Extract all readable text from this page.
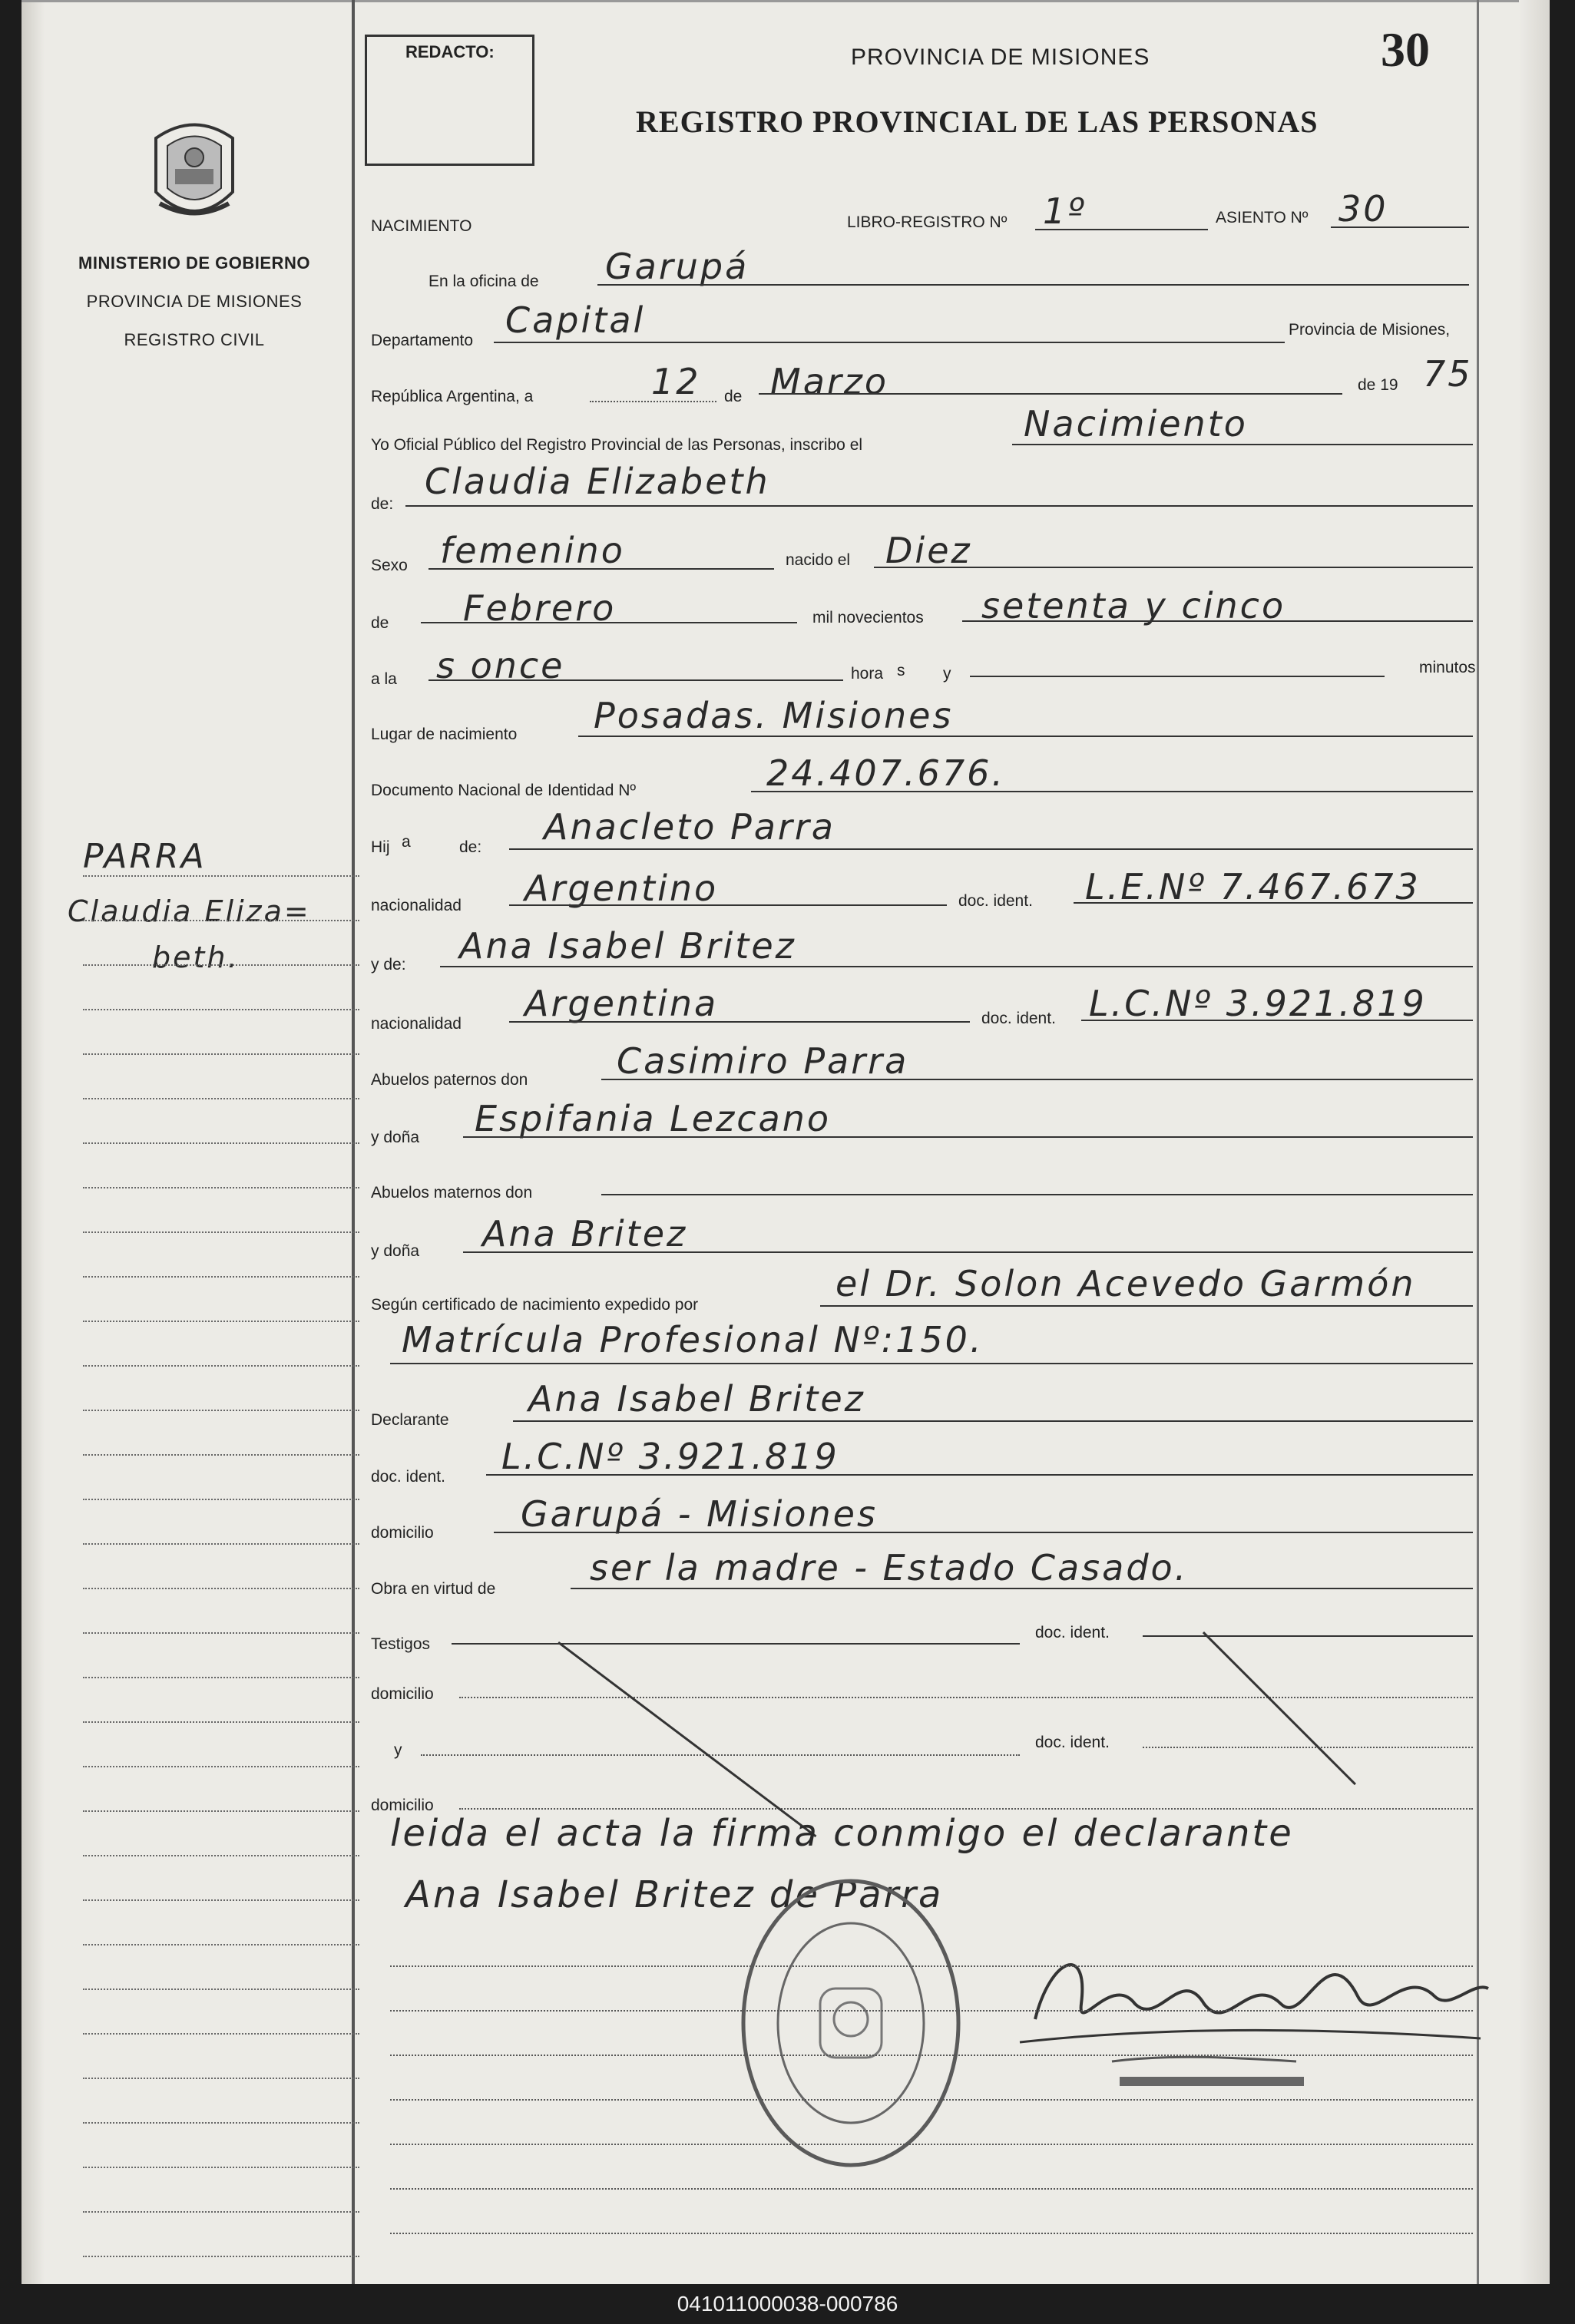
MINISTERIO DE GOBIERNO
PROVINCIA DE MISIONES
REGISTRO CIVIL
PARRA
Claudia Eliza=
beth.
REDACTO:	PROVINCIA DE MISIONES	30
REGISTRO PROVINCIAL DE LAS PERSONAS
NACIMIENTO	LIBRO-REGISTRO Nº 1º	ASIENTO Nº 30
En la oficina de Garupá
Departamento Capital	Provincia de Misiones,
República Argentina, a	12 de Marzo	de 19 75
Yo Oficial Público del Registro Provincial de las Personas, inscribo el
Nacimiento
de:
Claudia Elizabeth
Sexo femenino	nacido el Diez
de Febrero	mil novecientos setenta y cinco
a la s once	hora s y	minutos
Lugar de nacimiento Posadas. Misiones
Documento Nacional de Identidad Nº	24.407.676.
Hij a	de: Anacleto Parra
nacionalidad Argentino	doc. ident. L.E.Nº 7.467.673
y de: Ana Isabel Britez
nacionalidad Argentina	doc. ident. L.C.Nº 3.921.819
Abuelos paternos don	Casimiro Parra
y doña Espifania Lezcano
Abuelos maternos don
y doña Ana Britez
Según certificado de nacimiento expedido por
el Dr. Solon Acevedo Garmón
Matrícula Profesional Nº:150.
Declarante
Ana Isabel Britez
doc. ident. L.C.Nº 3.921.819
domicilio Garupá - Misiones
Obra en virtud de
ser la madre - Estado Casado.
Testigos
doc. ident.
domicilio
y	doc. ident.
domicilio
leida el acta la firma conmigo el declarante
Ana Isabel Britez de Parra
041011000038-000786
